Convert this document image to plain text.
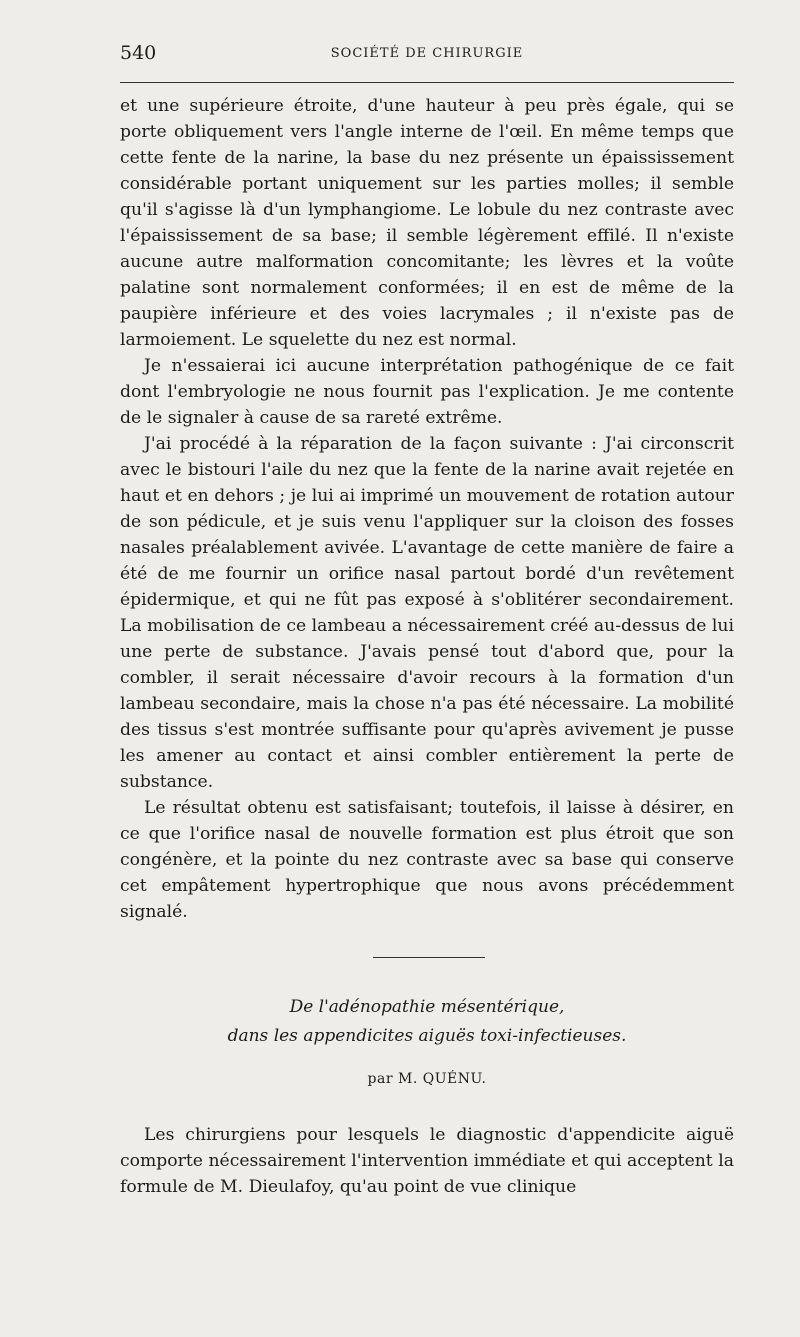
540	SOCIÉTÉ DE CHIRURGIE

et une supérieure étroite, d'une hauteur à peu près égale, qui se porte obliquement vers l'angle interne de l'œil. En même temps que cette fente de la narine, la base du nez présente un épaississement considérable portant uniquement sur les parties molles; il semble qu'il s'agisse là d'un lymphangiome. Le lobule du nez contraste avec l'épaississement de sa base; il semble légèrement effilé. Il n'existe aucune autre malformation concomitante; les lèvres et la voûte palatine sont normalement conformées; il en est de même de la paupière inférieure et des voies lacrymales ; il n'existe pas de larmoiement. Le squelette du nez est normal.

Je n'essaierai ici aucune interprétation pathogénique de ce fait dont l'embryologie ne nous fournit pas l'explication. Je me contente de le signaler à cause de sa rareté extrême.

J'ai procédé à la réparation de la façon suivante : J'ai circonscrit avec le bistouri l'aile du nez que la fente de la narine avait rejetée en haut et en dehors ; je lui ai imprimé un mouvement de rotation autour de son pédicule, et je suis venu l'appliquer sur la cloison des fosses nasales préalablement avivée. L'avantage de cette manière de faire a été de me fournir un orifice nasal partout bordé d'un revêtement épidermique, et qui ne fût pas exposé à s'oblitérer secondairement. La mobilisation de ce lambeau a nécessairement créé au-dessus de lui une perte de substance. J'avais pensé tout d'abord que, pour la combler, il serait nécessaire d'avoir recours à la formation d'un lambeau secondaire, mais la chose n'a pas été nécessaire. La mobilité des tissus s'est montrée suffisante pour qu'après avivement je pusse les amener au contact et ainsi combler entièrement la perte de substance.

Le résultat obtenu est satisfaisant; toutefois, il laisse à désirer, en ce que l'orifice nasal de nouvelle formation est plus étroit que son congénère, et la pointe du nez contraste avec sa base qui conserve cet empâtement hypertrophique que nous avons précédemment signalé.

De l'adénopathie mésentérique,
dans les appendicites aiguës toxi-infectieuses.
par M. QUÉNU.

Les chirurgiens pour lesquels le diagnostic d'appendicite aiguë comporte nécessairement l'intervention immédiate et qui acceptent la formule de M. Dieulafoy, qu'au point de vue clinique
